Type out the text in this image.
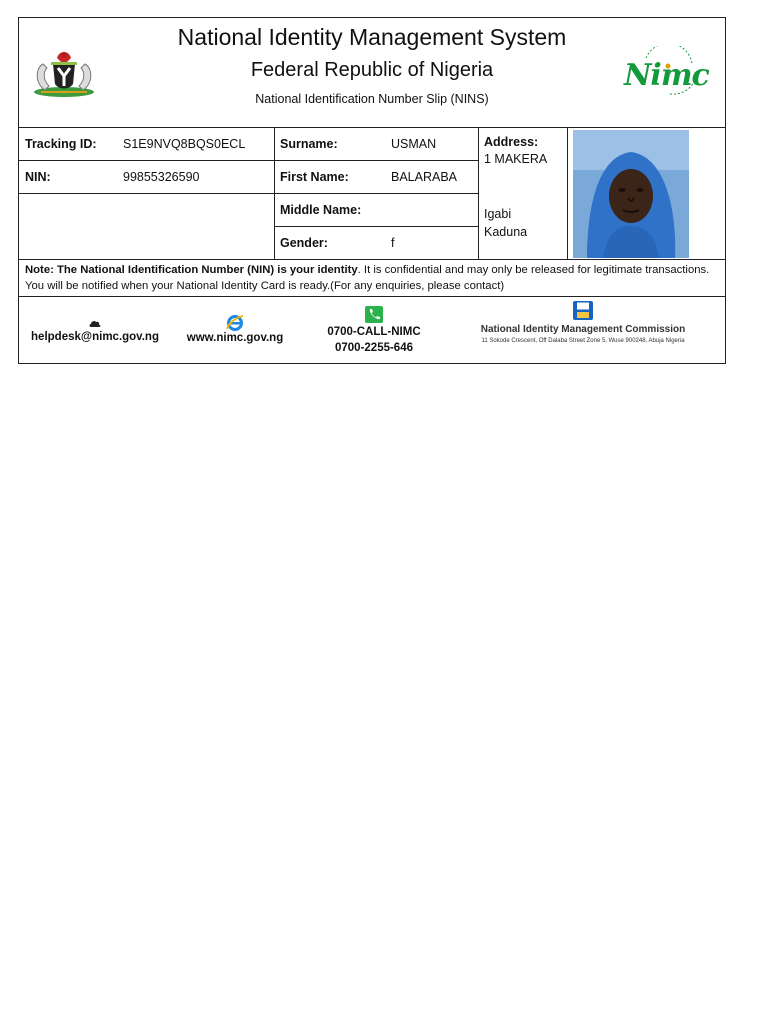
National Identity Management System
Federal Republic of Nigeria
National Identification Number Slip (NINS)
Nimc
Tracking ID: S1E9NVQ8BQS0ECL	Surname:	USMAN
NIN:	99855326590	First Name:	BALARABA
Middle Name:
Gender:	f
Address:
1 MAKERA
Igabi
Kaduna
Note: The National Identification Number (NIN) is your identity. It is confidential and may only be released for legitimate transactions. You will be notified when your National Identity Card is ready.(For any enquiries, please contact)
helpdesk@nimc.gov.ng	www.nimc.gov.ng	0700-CALL-NIMC
0700-2255-646
National Identity Management Commission
11 Sokode Crescent, Off Dalaba Street Zone 5, Wuse 900248, Abuja Nigeria
